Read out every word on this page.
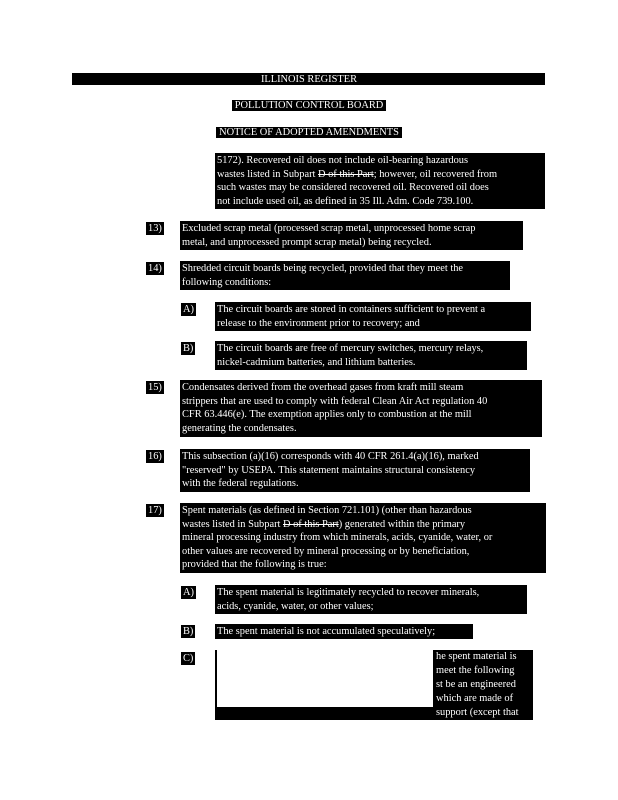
ILLINOIS REGISTER
POLLUTION CONTROL BOARD
NOTICE OF ADOPTED AMENDMENTS
5172). Recovered oil does not include oil-bearing hazardous
wastes listed in Subpart D of this Part; however, oil recovered from
such wastes may be considered recovered oil. Recovered oil does
not include used oil, as defined in 35 Ill. Adm. Code 739.100.
13) Excluded scrap metal (processed scrap metal, unprocessed home scrap
metal, and unprocessed prompt scrap metal) being recycled.
14) Shredded circuit boards being recycled, provided that they meet the
following conditions:
A) The circuit boards are stored in containers sufficient to prevent a
release to the environment prior to recovery; and
B) The circuit boards are free of mercury switches, mercury relays,
nickel-cadmium batteries, and lithium batteries.
15) Condensates derived from the overhead gases from kraft mill steam
strippers that are used to comply with federal Clean Air Act regulation 40
CFR 63.446(e). The exemption applies only to combustion at the mill
generating the condensates.
16) This subsection (a)(16) corresponds with 40 CFR 261.4(a)(16), marked
"reserved" by USEPA. This statement maintains structural consistency
with the federal regulations.
17) Spent materials (as defined in Section 721.101) (other than hazardous
wastes listed in Subpart D of this Part) generated within the primary
mineral processing industry from which minerals, acids, cyanide, water, or
other values are recovered by mineral processing or by beneficiation,
provided that the following is true:
A) The spent material is legitimately recycled to recover minerals,
acids, cyanide, water, or other values;
B) The spent material is not accumulated speculatively;
C)	he spent material is
meet the following
st be an engineered
which are made of
support (except that
